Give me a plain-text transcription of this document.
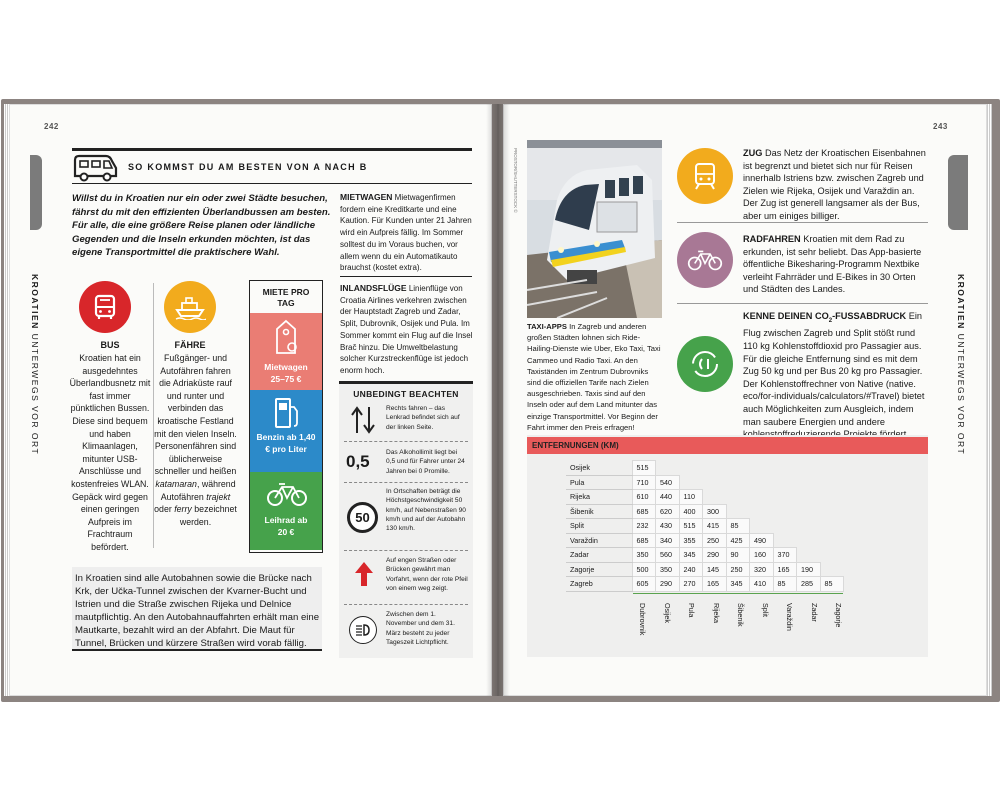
242
KROATIEN UNTERWEGS VOR ORT
SO KOMMST DU AM BESTEN VON A NACH B
Willst du in Kroatien nur ein oder zwei Städte besuchen, fährst du mit den effizienten Überlandbussen am besten. Für alle, die eine größere Reise planen oder ländliche Gegenden und die Inseln erkunden möchten, ist das eigene Transportmittel die praktischere Wahl.
BUS
Kroatien hat ein ausgedehntes Überlandbusnetz mit fast immer pünktlichen Bussen. Diese sind bequem und haben Klimaanlagen, mitunter USB-Anschlüsse und kostenfreies WLAN. Gepäck wird gegen einen geringen Aufpreis im Frachtraum befördert.
FÄHRE
Fußgänger- und Autofähren fahren die Adriaküste rauf und runter und verbinden das kroatische Festland mit den vielen Inseln. Personenfähren sind üblicherweise schneller und heißen katamaran, während Autofähren trajekt oder ferry bezeichnet werden.
MIETE PRO TAG
Mietwagen
25–75 €
Benzin ab 1,40 € pro Liter
Leihrad ab 20 €
MIETWAGEN Mietwagenfirmen fordern eine Kreditkarte und eine Kaution. Für Kunden unter 21 Jahren wird ein Aufpreis fällig. Im Sommer solltest du im Voraus buchen, vor allem wenn du ein Automatikauto brauchst (kostet extra).
INLANDSFLÜGE Linienflüge von Croatia Airlines verkehren zwischen der Hauptstadt Zagreb und Zadar, Split, Dubrovnik, Osijek und Pula. Im Sommer kommt ein Flug auf die Insel Brač hinzu. Die Umweltbelastung solcher Kurzstreckenflüge ist jedoch enorm hoch.
UNBEDINGT BEACHTEN
Rechts fahren – das Lenkrad befindet sich auf der linken Seite.
0,5 Das Alkohollimit liegt bei 0,5 und für Fahrer unter 24 Jahren bei 0 Promille.
50
In Ortschaften beträgt die Höchstgeschwindigkeit 50 km/h, auf Nebenstraßen 90 km/h und auf der Autobahn 130 km/h.
Auf engen Straßen oder Brücken gewährt man Vorfahrt, wenn der rote Pfeil von einem weg zeigt.
Zwischen dem 1. November und dem 31. März besteht zu jeder Tageszeit Lichtpflicht.
In Kroatien sind alle Autobahnen sowie die Brücke nach Krk, der Učka-Tunnel zwischen der Kvarner-Bucht und Istrien und die Straße zwischen Rijeka und Delnice mautpflichtig. An den Autobahnauffahrten erhält man eine Mautkarte, bezahlt wird an der Abfahrt. Die Maut für Tunnel, Brücken und kürzere Straßen wird vorab fällig.
243
KROATIEN UNTERWEGS VOR ORT
PROSTOR/SHUTTERSTOCK ©
TAXI-APPS In Zagreb und anderen großen Städten lohnen sich Ride-Hailing-Dienste wie Uber, Eko Taxi, Taxi Cammeo und Radio Taxi. An den Taxiständen im Zentrum Dubrovniks sind die offiziellen Tarife nach Zielen ausgeschrieben. Taxis sind auf den Inseln oder auf dem Land mitunter das einzige Transportmittel. Vor Beginn der Fahrt immer den Preis erfragen!
ZUG Das Netz der Kroatischen Eisenbahnen ist begrenzt und bietet sich nur für Reisen innerhalb Istriens bzw. zwischen Zagreb und Zielen wie Rijeka, Osijek und Varaždin an. Der Zug ist generell langsamer als der Bus, aber um einiges billiger.
RADFAHREN Kroatien mit dem Rad zu erkunden, ist sehr beliebt. Das App-basierte öffentliche Bikesharing-Programm Nextbike verleiht Fahrräder und E-Bikes in 30 Orten und Städten des Landes.
KENNE DEINEN $CO_2$-FUSSABDRUCK Ein Flug zwischen Zagreb und Split stößt rund 110 kg Kohlenstoffdioxid pro Passagier aus. Für die gleiche Entfernung sind es mit dem Zug 50 kg und per Bus 20 kg pro Passagier. Der Kohlenstoffrechner von Native (native. eco/for-individuals/calculators/#Travel) bietet auch Möglichkeiten zum Ausgleich, indem man saubere Energien und andere
ENTFERNUNGEN (KM)
Osijek	515								
Pula	710	540							
Rijeka	610	440	110						
Šibenik	685	620	400	300					
Split	232	430	515	415	85				
Varaždin	685	340	355	250	425	490			
Zadar	350	560	345	290	90	160	370		
Zagorje	500	350	240	145	250	320	165	190	
Zagreb	605	290	270	165	345	410	85	285	85
Dubrovnik Osijek Pula Rijeka Šibenik Split Varaždin Zadar Zagorje
